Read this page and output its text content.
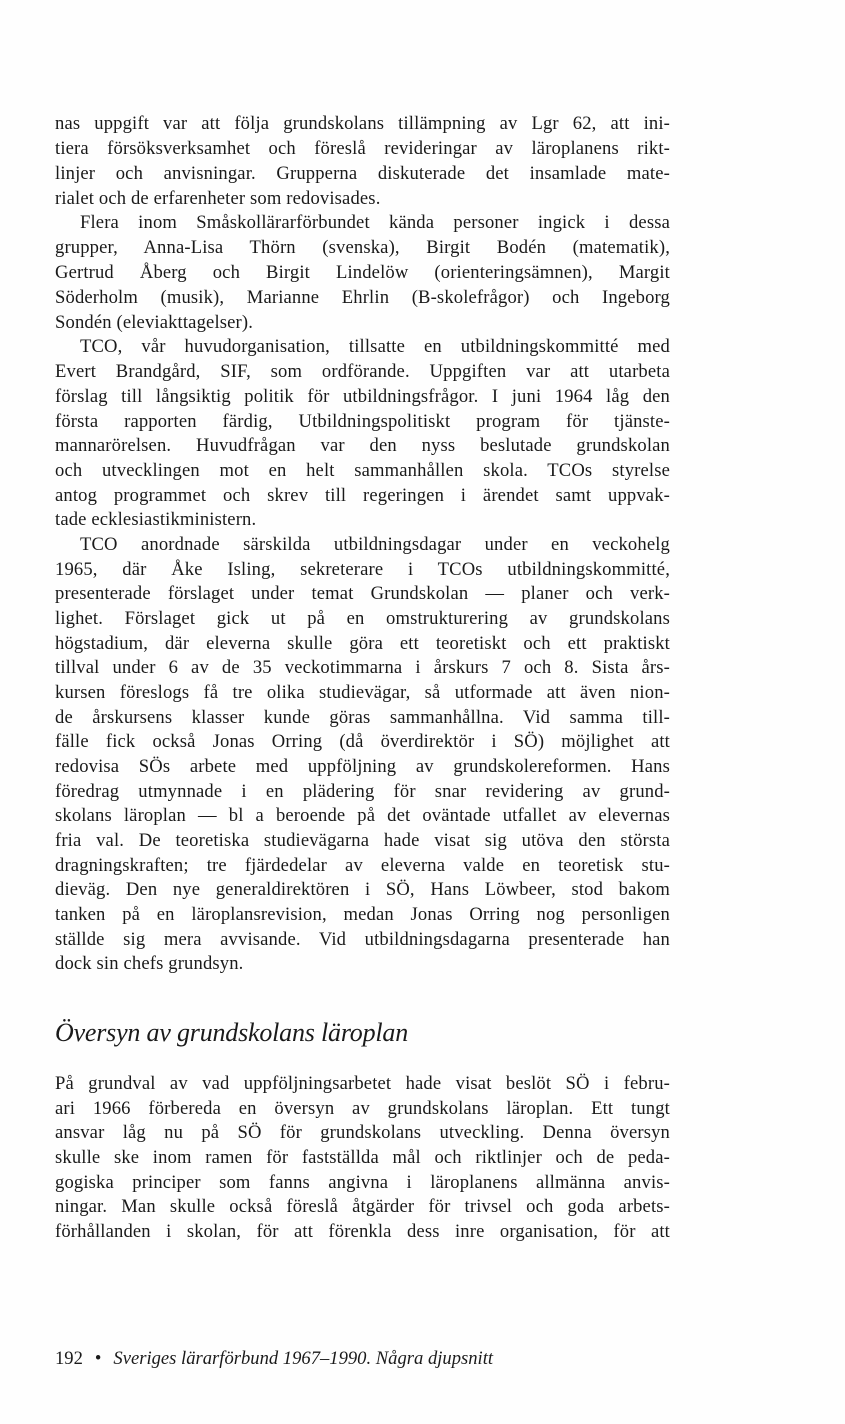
nas uppgift var att följa grundskolans tillämpning av Lgr 62, att ini-
tiera försöksverksamhet och föreslå revideringar av läroplanens rikt-
linjer och anvisningar. Grupperna diskuterade det insamlade mate-
rialet och de erfarenheter som redovisades.
Flera inom Småskollärarförbundet kända personer ingick i dessa
grupper, Anna-Lisa Thörn (svenska), Birgit Bodén (matematik),
Gertrud Åberg och Birgit Lindelöw (orienteringsämnen), Margit
Söderholm (musik), Marianne Ehrlin (B-skolefrågor) och Ingeborg
Sondén (eleviakttagelser).
TCO, vår huvudorganisation, tillsatte en utbildningskommitté med
Evert Brandgård, SIF, som ordförande. Uppgiften var att utarbeta
förslag till långsiktig politik för utbildningsfrågor. I juni 1964 låg den
första rapporten färdig, Utbildningspolitiskt program för tjänste-
mannarörelsen. Huvudfrågan var den nyss beslutade grundskolan
och utvecklingen mot en helt sammanhållen skola. TCOs styrelse
antog programmet och skrev till regeringen i ärendet samt uppvak-
tade ecklesiastikministern.
TCO anordnade särskilda utbildningsdagar under en veckohelg
1965, där Åke Isling, sekreterare i TCOs utbildningskommitté,
presenterade förslaget under temat Grundskolan — planer och verk-
lighet. Förslaget gick ut på en omstrukturering av grundskolans
högstadium, där eleverna skulle göra ett teoretiskt och ett praktiskt
tillval under 6 av de 35 veckotimmarna i årskurs 7 och 8. Sista års-
kursen föreslogs få tre olika studievägar, så utformade att även nion-
de årskursens klasser kunde göras sammanhållna. Vid samma till-
fälle fick också Jonas Orring (då överdirektör i SÖ) möjlighet att
redovisa SÖs arbete med uppföljning av grundskolereformen. Hans
föredrag utmynnade i en plädering för snar revidering av grund-
skolans läroplan — bl a beroende på det oväntade utfallet av elevernas
fria val. De teoretiska studievägarna hade visat sig utöva den största
dragningskraften; tre fjärdedelar av eleverna valde en teoretisk stu-
dieväg. Den nye generaldirektören i SÖ, Hans Löwbeer, stod bakom
tanken på en läroplansrevision, medan Jonas Orring nog personligen
ställde sig mera avvisande. Vid utbildningsdagarna presenterade han
dock sin chefs grundsyn.
Översyn av grundskolans läroplan
På grundval av vad uppföljningsarbetet hade visat beslöt SÖ i febru-
ari 1966 förbereda en översyn av grundskolans läroplan. Ett tungt
ansvar låg nu på SÖ för grundskolans utveckling. Denna översyn
skulle ske inom ramen för fastställda mål och riktlinjer och de peda-
gogiska principer som fanns angivna i läroplanens allmänna anvis-
ningar. Man skulle också föreslå åtgärder för trivsel och goda arbets-
förhållanden i skolan, för att förenkla dess inre organisation, för att
192 • Sveriges lärarförbund 1967–1990. Några djupsnitt
